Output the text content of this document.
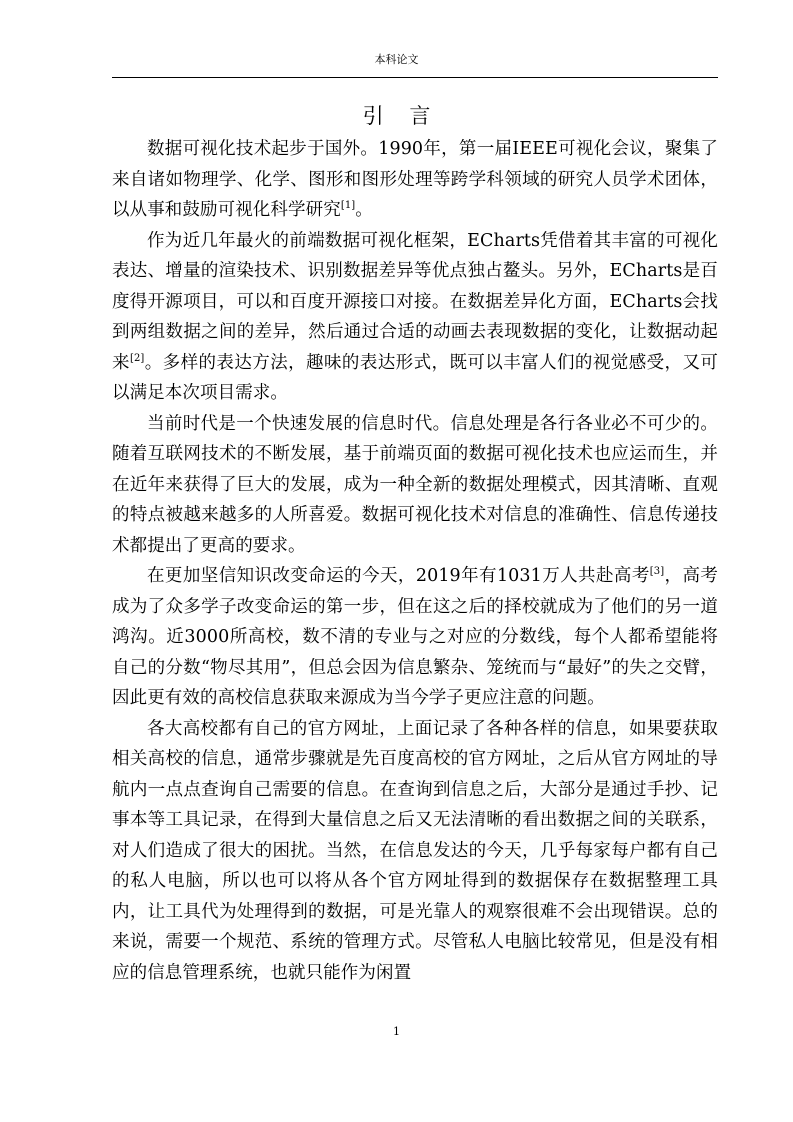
本科论文
引 言

数据可视化技术起步于国外。1990年，第一届IEEE可视化会议，聚集了来自诸如物理学、化学、图形和图形处理等跨学科领域的研究人员学术团体，以从事和鼓励可视化科学研究[1]。

作为近几年最火的前端数据可视化框架，ECharts凭借着其丰富的可视化表达、增量的渲染技术、识别数据差异等优点独占鳌头。另外，ECharts是百度得开源项目，可以和百度开源接口对接。在数据差异化方面，ECharts会找到两组数据之间的差异，然后通过合适的动画去表现数据的变化，让数据动起来[2]。多样的表达方法，趣味的表达形式，既可以丰富人们的视觉感受，又可以满足本次项目需求。

当前时代是一个快速发展的信息时代。信息处理是各行各业必不可少的。随着互联网技术的不断发展，基于前端页面的数据可视化技术也应运而生，并在近年来获得了巨大的发展，成为一种全新的数据处理模式，因其清晰、直观的特点被越来越多的人所喜爱。数据可视化技术对信息的准确性、信息传递技术都提出了更高的要求。

在更加坚信知识改变命运的今天，2019年有1031万人共赴高考[3]，高考成为了众多学子改变命运的第一步，但在这之后的择校就成为了他们的另一道鸿沟。近3000所高校，数不清的专业与之对应的分数线，每个人都希望能将自己的分数“物尽其用”，但总会因为信息繁杂、笼统而与“最好”的失之交臂，因此更有效的高校信息获取来源成为当今学子更应注意的问题。

各大高校都有自己的官方网址，上面记录了各种各样的信息，如果要获取相关高校的信息，通常步骤就是先百度高校的官方网址，之后从官方网址的导航内一点点查询自己需要的信息。在查询到信息之后，大部分是通过手抄、记事本等工具记录，在得到大量信息之后又无法清晰的看出数据之间的关联系，对人们造成了很大的困扰。当然，在信息发达的今天，几乎每家每户都有自己的私人电脑，所以也可以将从各个官方网址得到的数据保存在数据整理工具内，让工具代为处理得到的数据，可是光靠人的观察很难不会出现错误。总的来说，需要一个规范、系统的管理方式。尽管私人电脑比较常见，但是没有相应的信息管理系统，也就只能作为闲置

1
